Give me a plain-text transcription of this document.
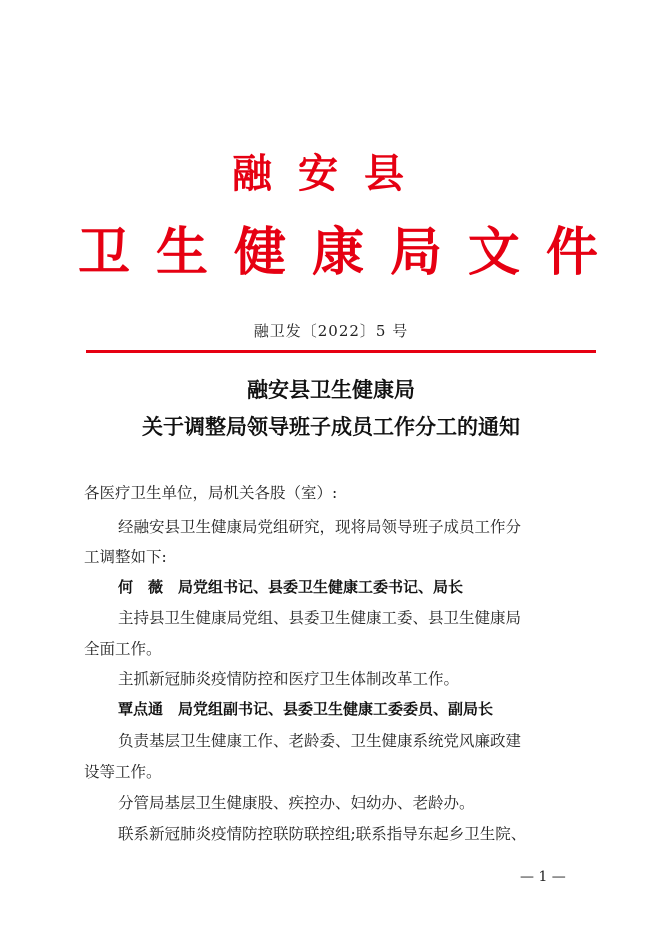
融安县
卫 生 健 康 局 文 件
融卫发〔2022〕5 号
融安县卫生健康局
关于调整局领导班子成员工作分工的通知
各医疗卫生单位，局机关各股（室）:
经融安县卫生健康局党组研究，现将局领导班子成员工作分
工调整如下:
何　薇　局党组书记、县委卫生健康工委书记、局长
主持县卫生健康局党组、县委卫生健康工委、县卫生健康局
全面工作。
主抓新冠肺炎疫情防控和医疗卫生体制改革工作。
覃点通　局党组副书记、县委卫生健康工委委员、副局长
负责基层卫生健康工作、老龄委、卫生健康系统党风廉政建
设等工作。
分管局基层卫生健康股、疾控办、妇幼办、老龄办。
联系新冠肺炎疫情防控联防联控组;联系指导东起乡卫生院、
— 1 —
